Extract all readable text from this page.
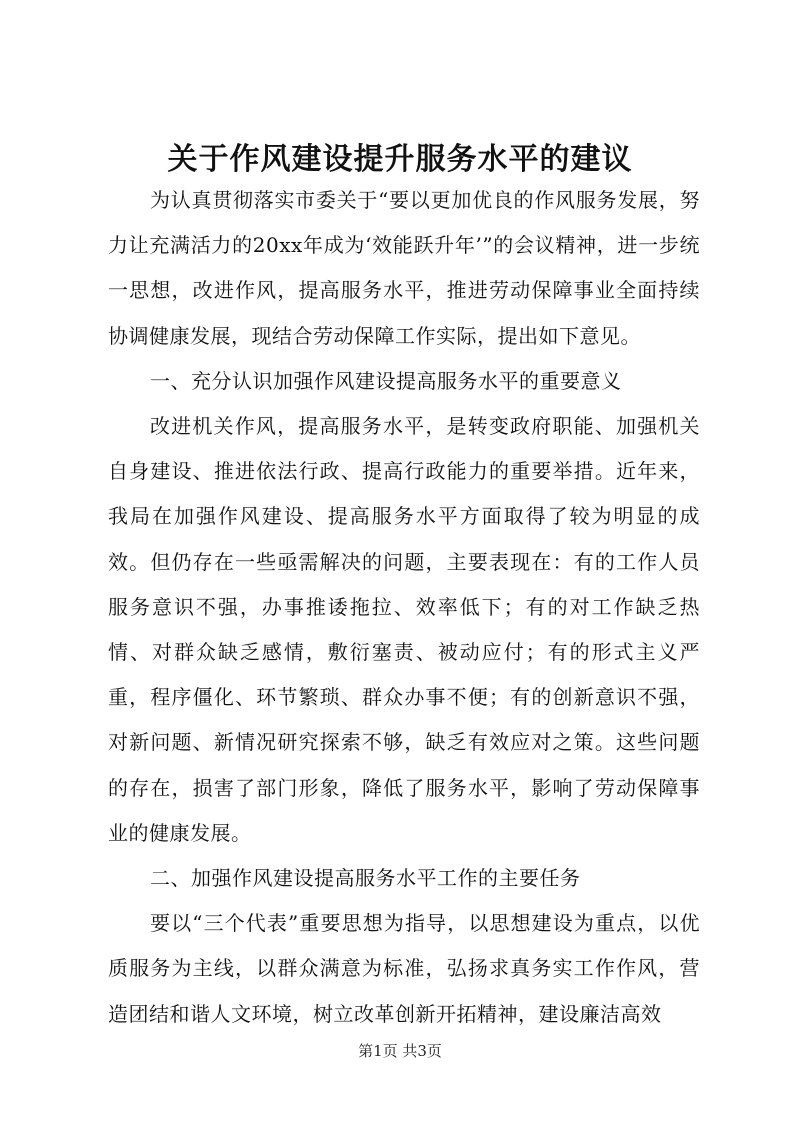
关于作风建设提升服务水平的建议

为认真贯彻落实市委关于“要以更加优良的作风服务发展，努力让充满活力的20xx年成为‘效能跃升年’”的会议精神，进一步统一思想，改进作风，提高服务水平，推进劳动保障事业全面持续协调健康发展，现结合劳动保障工作实际，提出如下意见。

一、充分认识加强作风建设提高服务水平的重要意义

改进机关作风，提高服务水平，是转变政府职能、加强机关自身建设、推进依法行政、提高行政能力的重要举措。近年来，我局在加强作风建设、提高服务水平方面取得了较为明显的成效。但仍存在一些亟需解决的问题，主要表现在：有的工作人员服务意识不强，办事推诿拖拉、效率低下；有的对工作缺乏热情、对群众缺乏感情，敷衍塞责、被动应付；有的形式主义严重，程序僵化、环节繁琐、群众办事不便；有的创新意识不强，对新问题、新情况研究探索不够，缺乏有效应对之策。这些问题的存在，损害了部门形象，降低了服务水平，影响了劳动保障事业的健康发展。

二、加强作风建设提高服务水平工作的主要任务

要以“三个代表”重要思想为指导，以思想建设为重点，以优质服务为主线，以群众满意为标准，弘扬求真务实工作作风，营造团结和谐人文环境，树立改革创新开拓精神，建设廉洁高效

第1页 共3页
